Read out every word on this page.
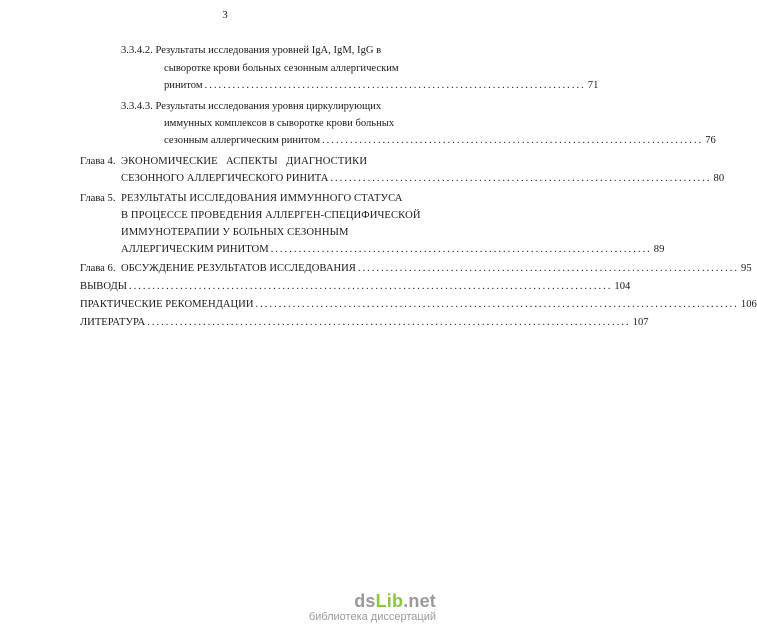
3
3.3.4.2. Результаты исследования уровней IgA, IgM, IgG в
сыворотке крови больных сезонным аллергическим
ринитом .................................................................................. 71
3.3.4.3. Результаты исследования уровня циркулирующих
иммунных комплексов в сыворотке крови больных
сезонным аллергическим ринитом .................................................................................. 76
Глава 4. ЭКОНОМИЧЕСКИЕ   АСПЕКТЫ   ДИАГНОСТИКИ
СЕЗОННОГО АЛЛЕРГИЧЕСКОГО РИНИТА .................................................................................. 80
Глава 5. РЕЗУЛЬТАТЫ ИССЛЕДОВАНИЯ ИММУННОГО СТАТУСА
В ПРОЦЕССЕ ПРОВЕДЕНИЯ АЛЛЕРГЕН-СПЕЦИФИЧЕСКОЙ
ИММУНОТЕРАПИИ У БОЛЬНЫХ СЕЗОННЫМ
АЛЛЕРГИЧЕСКИМ РИНИТОМ .................................................................................. 89
Глава 6. ОБСУЖДЕНИЕ РЕЗУЛЬТАТОВ ИССЛЕДОВАНИЯ .................................................................................. 95
ВЫВОДЫ ........................................................................................................ 104
ПРАКТИЧЕСКИЕ РЕКОМЕНДАЦИИ ........................................................................................................ 106
ЛИТЕРАТУРА ........................................................................................................ 107
dsLib.net
библиотека диссертаций
